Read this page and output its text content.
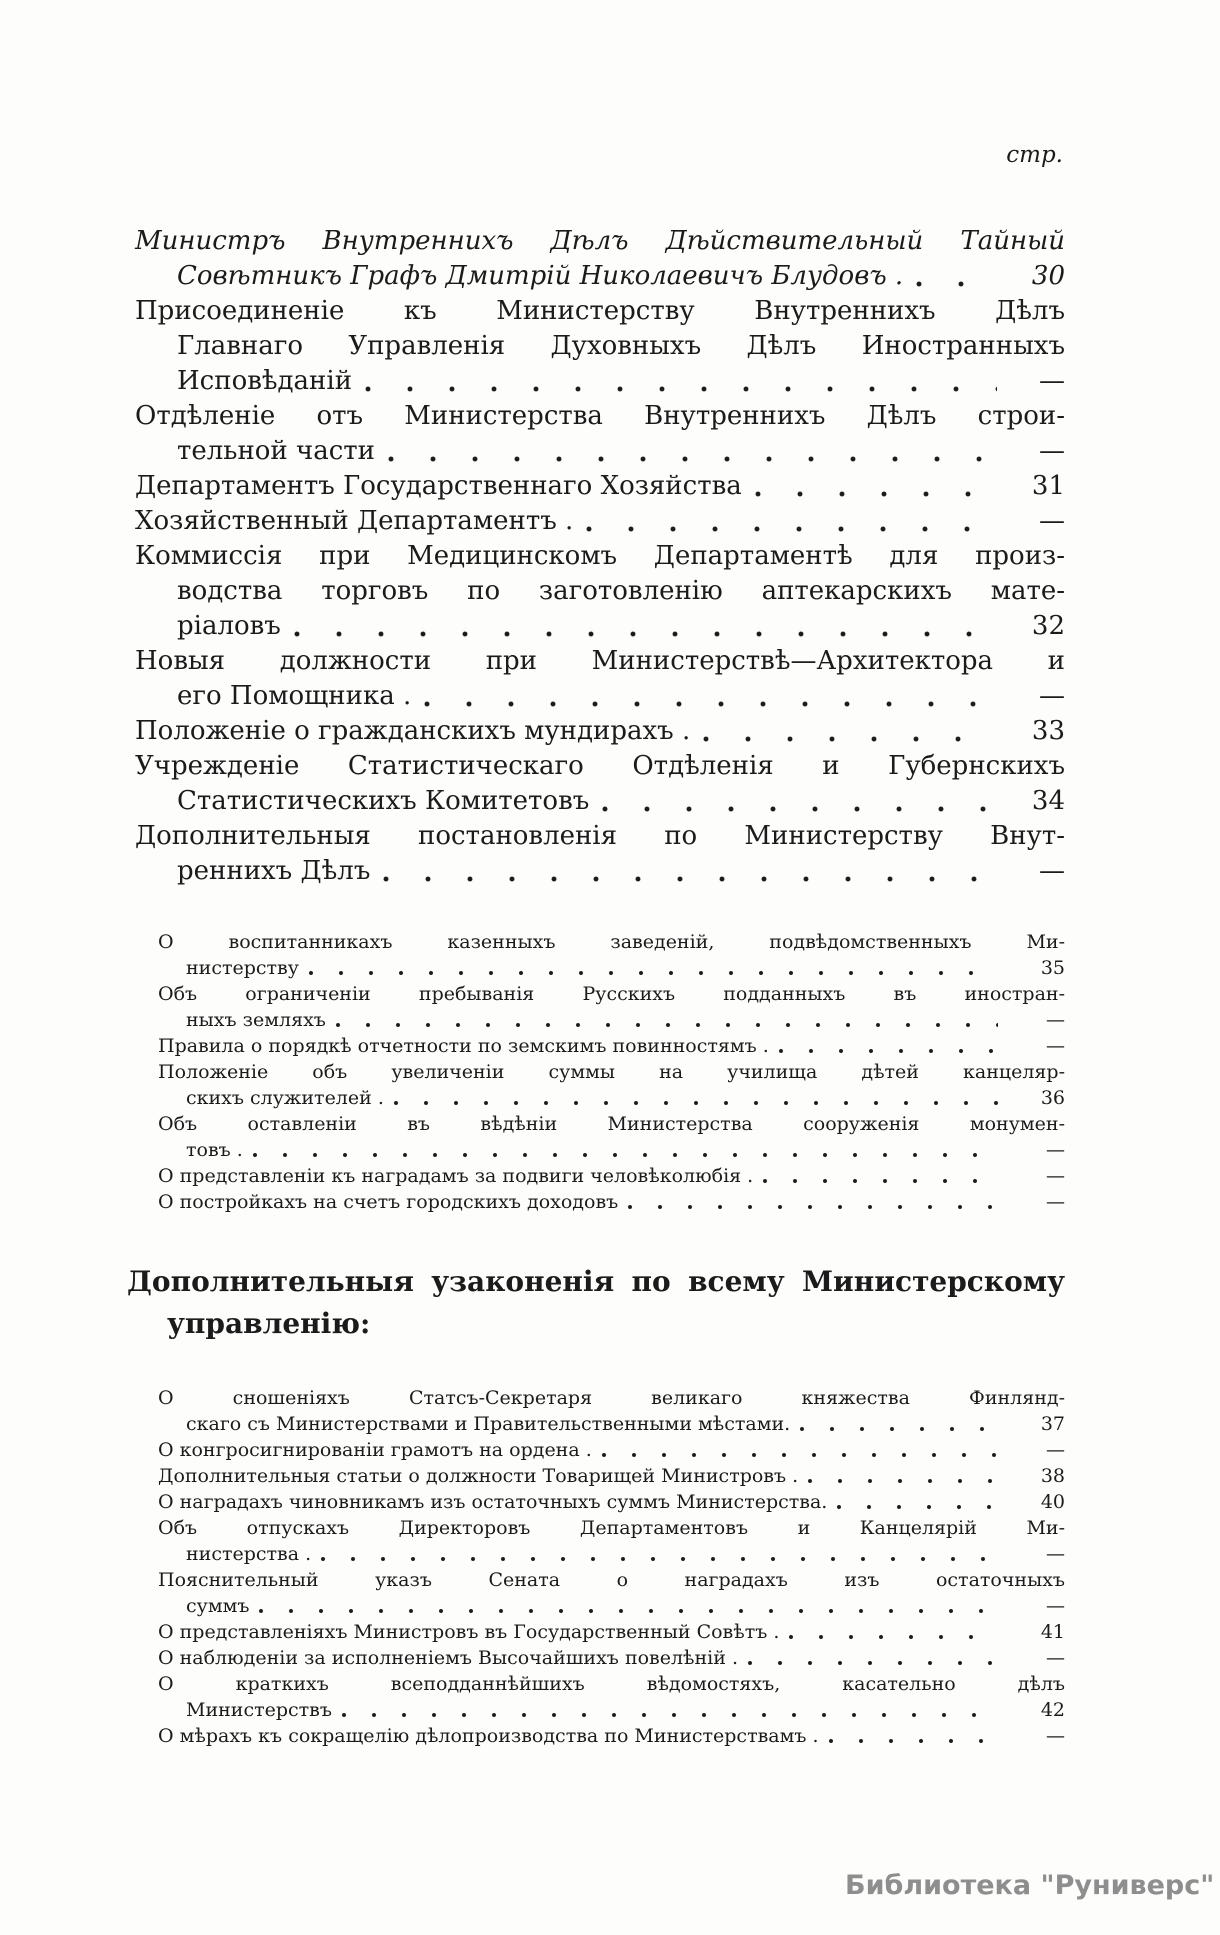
стр.
Министръ Внутреннихъ Дѣлъ Дѣйствительный Тайный
Совѣтникъ Графъ Дмитрій Николаевичъ Блудовъ .	30
Присоединеніе къ Министерству Внутреннихъ Дѣлъ
Главнаго Управленія Духовныхъ Дѣлъ Иностранныхъ
Исповѣданій	—
Отдѣленіе отъ Министерства Внутреннихъ Дѣлъ строи-
тельной части	—
Департаментъ Государственнаго Хозяйства	31
Хозяйственный Департаментъ .	—
Коммиссія при Медицинскомъ Департаментѣ для произ-
водства торговъ по заготовленію аптекарскихъ мате-
ріаловъ	32
Новыя должности при Министерствѣ—Архитектора и
его Помощника .	—
Положеніе о гражданскихъ мундирахъ .	33
Учрежденіе Статистическаго Отдѣленія и Губернскихъ
Статистическихъ Комитетовъ	34
Дополнительныя постановленія по Министерству Внут-
реннихъ Дѣлъ	—
О воспитанникахъ казенныхъ заведеній, подвѣдомственныхъ Ми-
нистерству	35
Объ ограниченіи пребыванія Русскихъ подданныхъ въ иностран-
ныхъ земляхъ	—
Правила о порядкѣ отчетности по земскимъ повинностямъ .	—
Положеніе объ увеличеніи суммы на училища дѣтей канцеляр-
скихъ служителей .	36
Объ оставленіи въ вѣдѣніи Министерства сооруженія монумен-
товъ .	—
О представленіи къ наградамъ за подвиги человѣколюбія .	—
О постройкахъ на счетъ городскихъ доходовъ	—
Дополнительныя узаконенія по всему Министерскому
управленію:
О сношеніяхъ Статсъ-Секретаря великаго княжества Финлянд-
скаго съ Министерствами и Правительственными мѣстами.	37
О конгросигнированіи грамотъ на ордена .	—
Дополнительныя статьи о должности Товарищей Министровъ .	38
О наградахъ чиновникамъ изъ остаточныхъ суммъ Министерства.	40
Объ отпускахъ Директоровъ Департаментовъ и Канцелярій Ми-
нистерства .	—
Пояснительный указъ Сената о наградахъ изъ остаточныхъ
суммъ	—
О представленіяхъ Министровъ въ Государственный Совѣтъ .	41
О наблюденіи за исполненіемъ Высочайшихъ повелѣній .	—
О краткихъ всеподданнѣйшихъ вѣдомостяхъ, касательно дѣлъ
Министерствъ	42
О мѣрахъ къ сокращелію дѣлопроизводства по Министерствамъ .	—
Библиотека "Руниверс"
